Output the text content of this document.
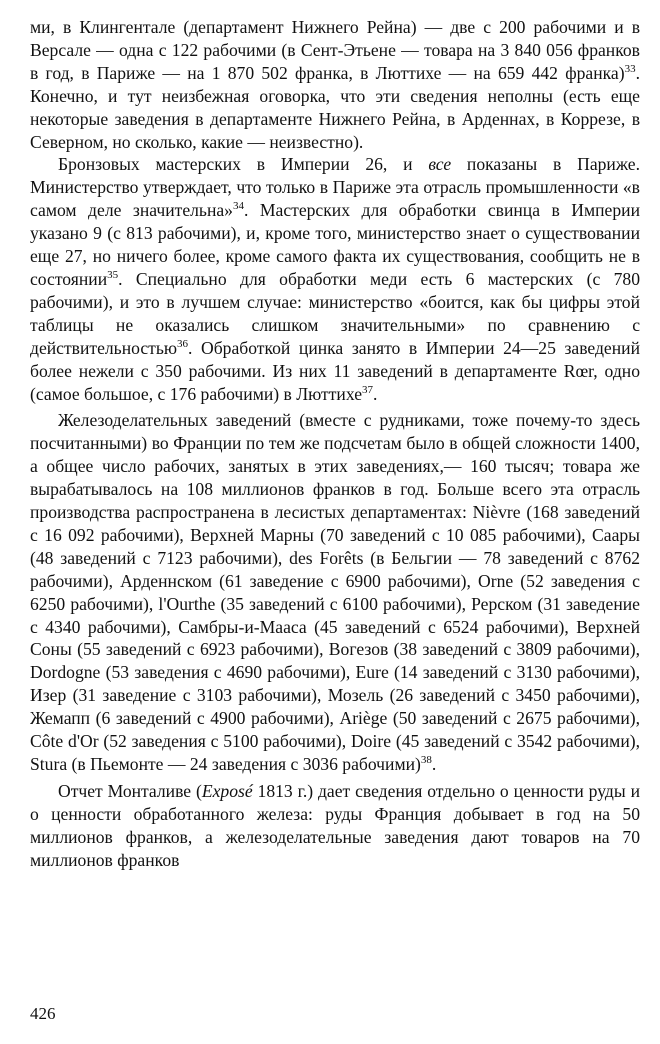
ми, в Клингентале (департамент Нижнего Рейна) — две с 200 рабочими и в Версале — одна с 122 рабочими (в Сент-Этьене — товара на 3 840 056 франков в год, в Париже — на 1 870 502 франка, в Люттихе — на 659 442 франка)$^{33}$. Конечно, и тут неизбежная оговорка, что эти сведения неполны (есть еще некоторые заведения в департаменте Нижнего Рейна, в Арденнах, в Коррезе, в Северном, но сколько, какие — неизвестно).

Бронзовых мастерских в Империи 26, и все показаны в Париже. Министерство утверждает, что только в Париже эта отрасль промышленности «в самом деле значительна»$^{34}$. Мастерских для обработки свинца в Империи указано 9 (с 813 рабочими), и, кроме того, министерство знает о существовании еще 27, но ничего более, кроме самого факта их существования, сообщить не в состоянии$^{35}$. Специально для обработки меди есть 6 мастерских (с 780 рабочими), и это в лучшем случае: министерство «боится, как бы цифры этой таблицы не оказались слишком значительными» по сравнению с действительностью$^{36}$. Обработкой цинка занято в Империи 24—25 заведений более нежели с 350 рабочими. Из них 11 заведений в департаменте Rœr, одно (самое большое, с 176 рабочими) в Люттихе$^{37}$.

Железоделательных заведений (вместе с рудниками, тоже почему-то здесь посчитанными) во Франции по тем же подсчетам было в общей сложности 1400, а общее число рабочих, занятых в этих заведениях,— 160 тысяч; товара же вырабатывалось на 108 миллионов франков в год. Больше всего эта отрасль производства распространена в лесистых департаментах: Nièvre (168 заведений с 16 092 рабочими), Верхней Марны (70 заведений с 10 085 рабочими), Саары (48 заведений с 7123 рабочими), des Forêts (в Бельгии — 78 заведений с 8762 рабочими), Арденнском (61 заведение с 6900 рабочими), Orne (52 заведения с 6250 рабочими), l'Ourthe (35 заведений с 6100 рабочими), Рерском (31 заведение с 4340 рабочими), Самбры-и-Мааса (45 заведений с 6524 рабочими), Верхней Соны (55 заведений с 6923 рабочими), Вогезов (38 заведений с 3809 рабочими), Dordogne (53 заведения с 4690 рабочими), Eure (14 заведений с 3130 рабочими), Изер (31 заведение с 3103 рабочими), Мозель (26 заведений с 3450 рабочими), Жемапп (6 заведений с 4900 рабочими), Ariège (50 заведений с 2675 рабочими), Côte d'Or (52 заведения с 5100 рабочими), Doire (45 заведений с 3542 рабочими), Stura (в Пьемонте — 24 заведения с 3036 рабочими)$^{38}$.

Отчет Монталиве (Exposé 1813 г.) дает сведения отдельно о ценности руды и о ценности обработанного железа: руды Франция добывает в год на 50 миллионов франков, а железоделательные заведения дают товаров на 70 миллионов франков

426
